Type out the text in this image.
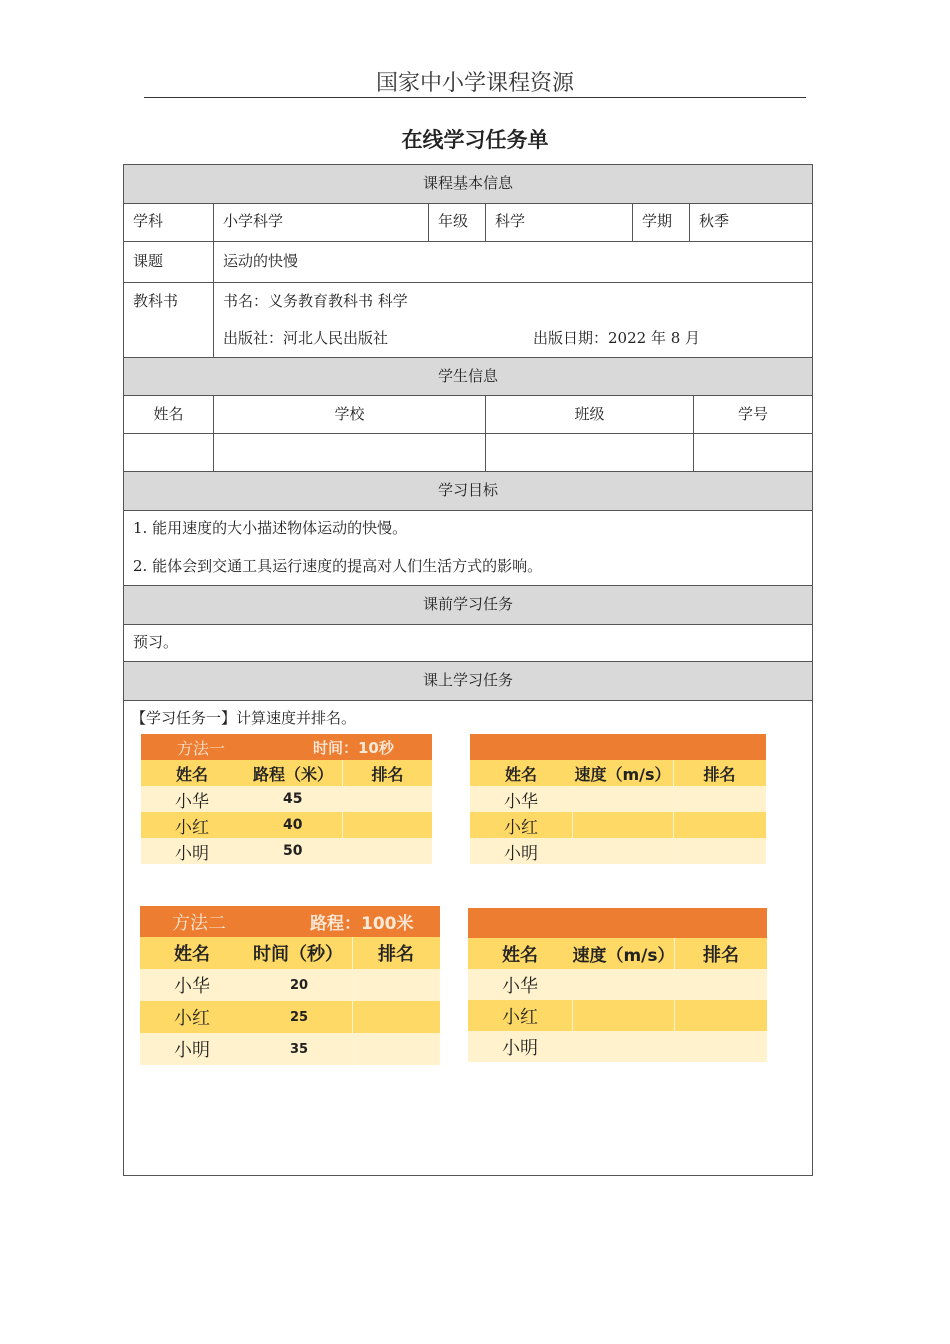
国家中小学课程资源
在线学习任务单
课程基本信息
学生信息
学习目标
课前学习任务
课上学习任务
学科	小学科学	年级 科学	学期 秋季
课题	运动的快慢
教科书	书名：义务教育教科书 科学
出版社：河北人民出版社	出版日期：2022 年 8 月
姓名	学校	班级	学号
1. 能用速度的大小描述物体运动的快慢。
2. 能体会到交通工具运行速度的提高对人们生活方式的影响。
预习。
【学习任务一】计算速度并排名。
方法一	时间：10秒
姓名	路程（米）	排名
小华	45
小红	40
小明	50
姓名	速度（m/s）	排名
小华
小红
小明
方法二	路程：100米
姓名	时间（秒）	排名
小华	20
小红	25
小明	35
姓名	速度（m/s）	排名
小华
小红
小明
